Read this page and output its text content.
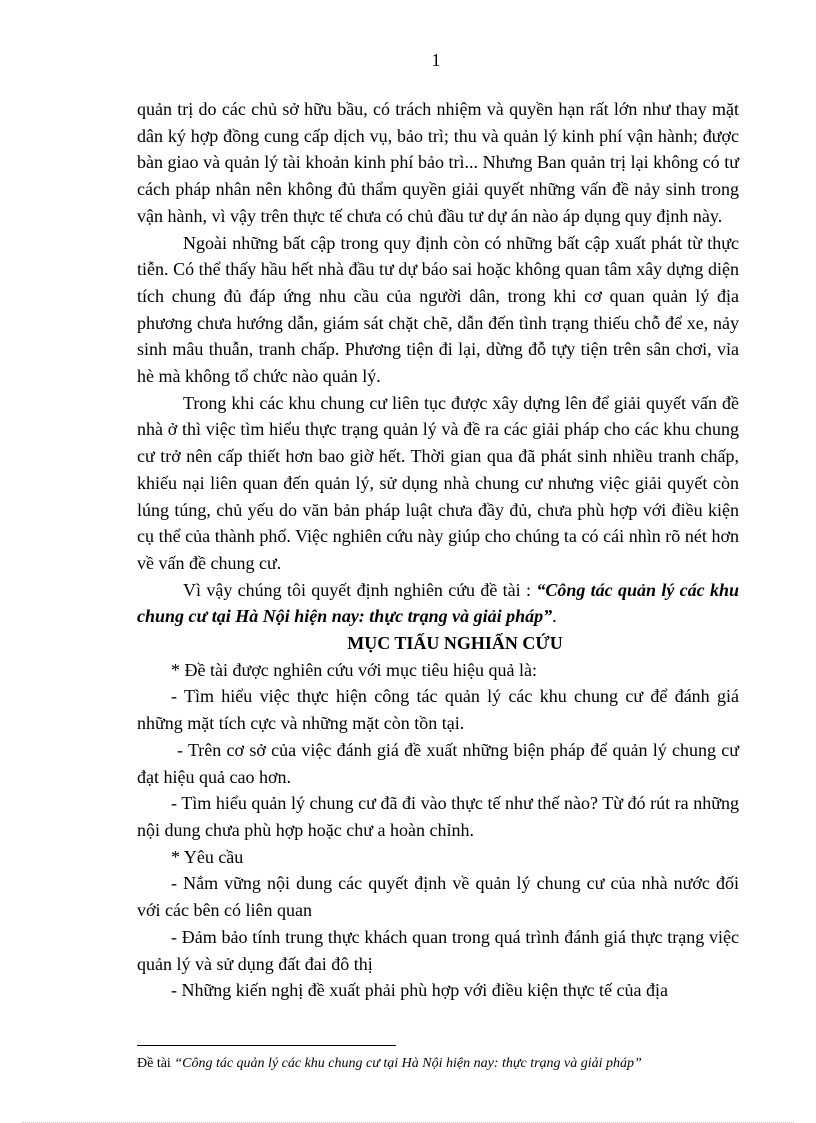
1

quản trị do các chủ sở hữu bầu, có trách nhiệm và quyền hạn rất lớn như thay mặt dân ký hợp đồng cung cấp dịch vụ, bảo trì; thu và quản lý kinh phí vận hành; được bàn giao và quản lý tài khoản kinh phí bảo trì... Nhưng Ban quản trị lại không có tư cách pháp nhân nên không đủ thẩm quyền giải quyết những vấn đề nảy sinh trong vận hành, vì vậy trên thực tế chưa có chủ đầu tư dự án nào áp dụng quy định này.

Ngoài những bất cập trong quy định còn có những bất cập xuất phát từ thực tiễn. Có thể thấy hầu hết nhà đầu tư dự báo sai hoặc không quan tâm xây dựng diện tích chung đủ đáp ứng nhu cầu của người dân, trong khi cơ quan quản lý địa phương chưa hướng dẫn, giám sát chặt chẽ, dẫn đến tình trạng thiếu chỗ để xe, nảy sinh mâu thuẫn, tranh chấp. Phương tiện đi lại, dừng đỗ tựy tiện trên sân chơi, vỉa hè mà không tổ chức nào quản lý.

Trong khi các khu chung cư liên tục được xây dựng lên để giải quyết vấn đề nhà ở thì việc tìm hiểu thực trạng quản lý và đề ra các giải pháp cho các khu chung cư trở nên cấp thiết hơn bao giờ hết. Thời gian qua đã phát sinh nhiều tranh chấp, khiếu nại liên quan đến quản lý, sử dụng nhà chung cư nhưng việc giải quyết còn lúng túng, chủ yếu do văn bản pháp luật chưa đầy đủ, chưa phù hợp với điều kiện cụ thể của thành phố. Việc nghiên cứu này giúp cho chúng ta có cái nhìn rõ nét hơn về vấn đề chung cư.

Vì vậy chúng tôi quyết định nghiên cứu đề tài : “Công tác quản lý các khu chung cư tại Hà Nội hiện nay: thực trạng và giải pháp”.

MỤC TIẤU NGHIẤN CỨU

* Đề tài được nghiên cứu với mục tiêu hiệu quả là:

- Tìm hiểu việc thực hiện công tác quản lý các khu chung cư để đánh giá những mặt tích cực và những mặt còn tồn tại.

- Trên cơ sở của việc đánh giá đề xuất những biện pháp để quản lý chung cư đạt hiệu quả cao hơn.

- Tìm hiểu quản lý chung cư đã đi vào thực tế như thế nào? Từ đó rút ra những nội dung chưa phù hợp hoặc chư a hoàn chỉnh.

* Yêu cầu

- Nắm vững nội dung các quyết định về quản lý chung cư của nhà nước đối với các bên có liên quan

- Đảm bảo tính trung thực khách quan trong quá trình đánh giá thực trạng việc quản lý và sử dụng đất đai đô thị

- Những kiến nghị đề xuất phải phù hợp với điều kiện thực tế của địa

Đề tài “Công tác quản lý các khu chung cư tại Hà Nội hiện nay: thực trạng và giải pháp”
